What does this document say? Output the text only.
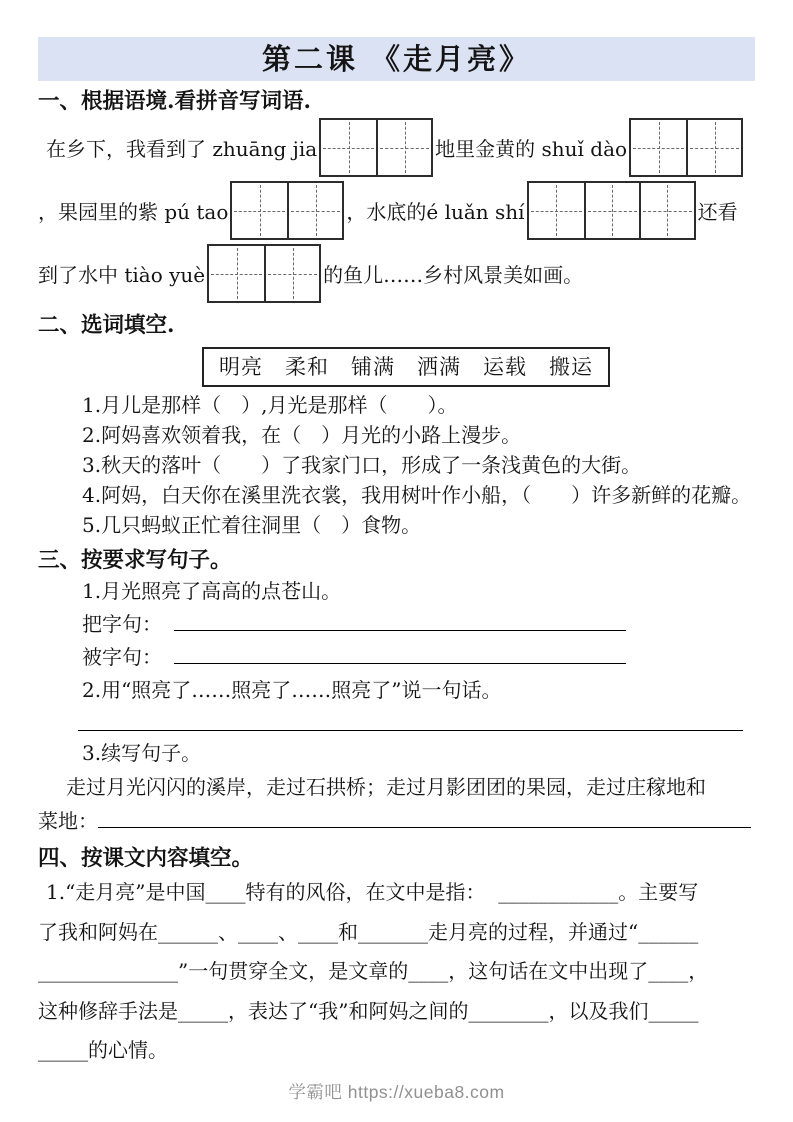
第二课 《走月亮》
一、根据语境.看拼音写词语.
在乡下，我看到了 zhuāng jia	地里金黄的 shuǐ dào
，果园里的紫 pú tao	，水底的é luǎn shí	还看
到了水中 tiào yuè	的鱼儿……乡村风景美如画。
二、选词填空.
明亮　柔和　铺满　洒满　运载　搬运
1.月儿是那样（　）,月光是那样（　　）。
2.阿妈喜欢领着我，在（　）月光的小路上漫步。
3.秋天的落叶（　　）了我家门口，形成了一条浅黄色的大街。
4.阿妈，白天你在溪里洗衣裳，我用树叶作小船，（　　）许多新鲜的花瓣。
5.几只蚂蚁正忙着往洞里（　）食物。
三、按要求写句子。
1.月光照亮了高高的点苍山。
把字句：
被字句：
2.用“照亮了……照亮了……照亮了”说一句话。
3.续写句子。
走过月光闪闪的溪岸，走过石拱桥；走过月影团团的果园，走过庄稼地和
菜地：
四、按课文内容填空。
1.“走月亮”是中国____特有的风俗，在文中是指：  ____________。主要写
了我和阿妈在______、____、____和_______走月亮的过程，并通过“______
______________”一句贯穿全文，是文章的____，这句话在文中出现了____，
这种修辞手法是_____，表达了“我”和阿妈之间的________，以及我们_____
_____的心情。
学霸吧 https://xueba8.com
